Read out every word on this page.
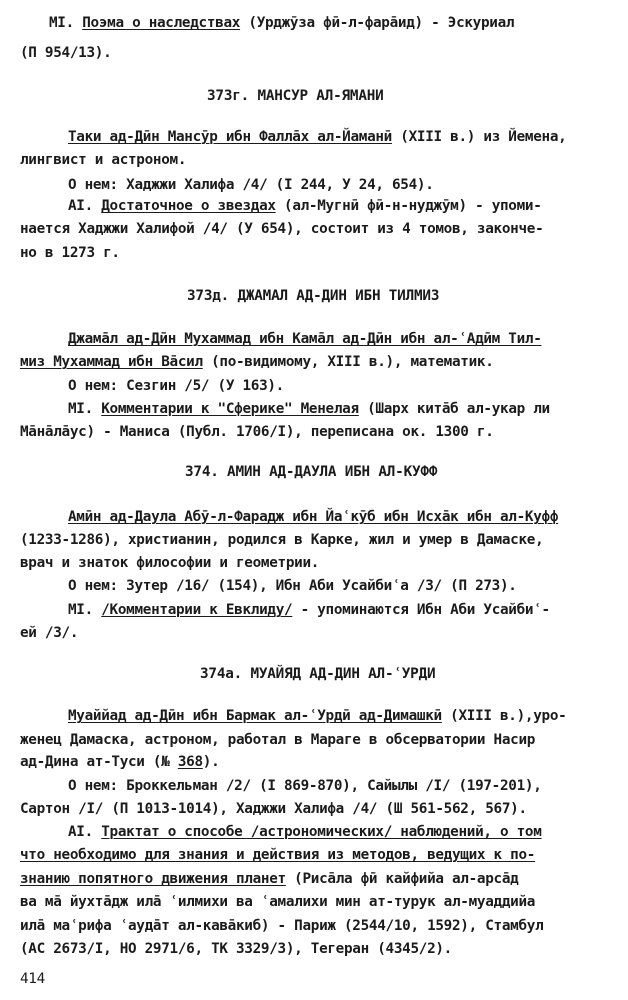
МI. Поэма о наследствах (Урджӯза фӣ-л-фара̄ид) - Эскуриал
(П 954/13).
373г. МАНСУР АЛ-ЯМАНИ
Таки ад-Дӣн Мансӯр ибн Фалла̄х ал-Йаманӣ (XIII в.) из Йемена,
лингвист и астроном.
О нем: Хаджжи Халифа /4/ (I 244, У 24, 654).
АI. Достаточное о звездах (ал-Мугнӣ фӣ-н-нуджӯм) - упоми-
нается Хаджжи Халифой /4/ (У 654), состоит из 4 томов, закончe-
но в 1273 г.
373д. ДЖАМАЛ АД-ДИН ИБН ТИЛМИЗ
Джама̄л ад-Дӣн Мухаммад ибн Кама̄л ад-Дӣн ибн ал-ʿАдӣм Тил-
миз Мухаммад ибн Ва̄сил (по-видимому, XIII в.), математик.
О нем: Сезгин /5/ (У 163).
МI. Комментарии к "Сферике" Менелая (Шарх кита̄б ал-укар ли
Ма̄на̄ла̄ус) - Маниса (Публ. 1706/I), переписана ок. 1300 г.
374. АМИН АД-ДАУЛА ИБН АЛ-КУФФ
Амӣн ад-Даула Абӯ-л-Фарадж ибн Йаʿкӯб ибн Исха̄к ибн ал-Куфф
(1233-1286), христианин, родился в Карке, жил и умер в Дамаске,
врач и знаток философии и геометрии.
О нем: Зутер /16/ (154), Ибн Аби Усайбиʿа /3/ (П 273).
МI. /Комментарии к Евклиду/ - упоминаются Ибн Аби Усайбиʿ-
ей /3/.
374а. МУАЙЯД АД-ДИН АЛ-ʿУРДИ
Муаййад ад-Дӣн ибн Бармак ал-ʿУрдӣ ад-Димашкӣ (XIII в.),уро-
женец Дамаска, астроном, работал в Мараге в обсерватории Насир
ад-Дина ат-Туси (№ 368).
О нем: Броккельман /2/ (I 869-870), Сайылы /I/ (197-201),
Сартон /I/ (П 1013-1014), Хаджжи Халифа /4/ (Ш 561-562, 567).
АI. Трактат о способе /астрономических/ наблюдений, о том
что необходимо для знания и действия из методов, ведущих к по-
знанию попятного движения планет (Риса̄ла фӣ кайфийа ал-арса̄д
ва ма̄ йухта̄дж ила̄ ʿилмихи ва ʿамалихи мин ат-турук ал-муаддийа
ила̄ маʿрифа ʿауда̄т ал-кава̄киб) - Париж (2544/10, 1592), Стамбул
(АС 2673/I, НО 2971/6, ТК 3329/3), Тегеран (4345/2).
414
